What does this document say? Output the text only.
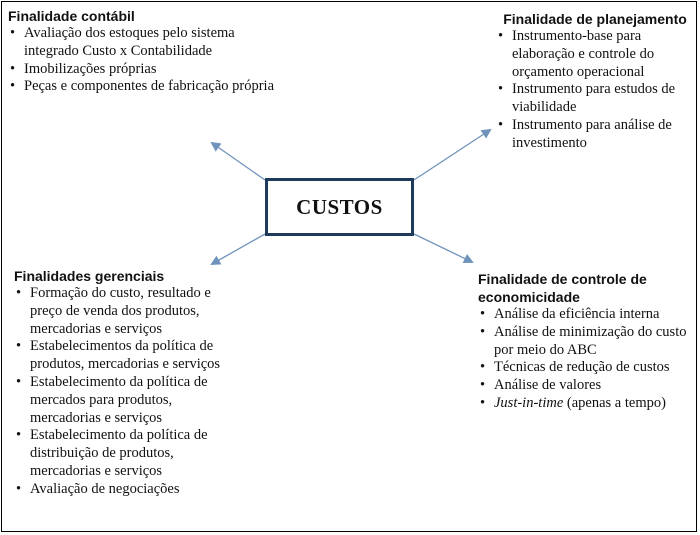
CUSTOS

Finalidade contábil

• Avaliação dos estoques pelo sistema integrado Custo x Contabilidade
• Imobilizações próprias
• Peças e componentes de fabricação própria

Finalidade de planejamento

• Instrumento-base para elaboração e controle do orçamento operacional
• Instrumento para estudos de viabilidade
• Instrumento para análise de investimento

Finalidades gerenciais

• Formação do custo, resultado e preço de venda dos produtos, mercadorias e serviços
• Estabelecimentos da política de produtos, mercadorias e serviços
• Estabelecimento da política de mercados para produtos, mercadorias e serviços
• Estabelecimento da política de distribuição de produtos, mercadorias e serviços
• Avaliação de negociações

Finalidade de controle de

economicidade

• Análise da eficiência interna
• Análise de minimização do custo por meio do ABC
• Técnicas de redução de custos
• Análise de valores
• Just-in-time (apenas a tempo)
